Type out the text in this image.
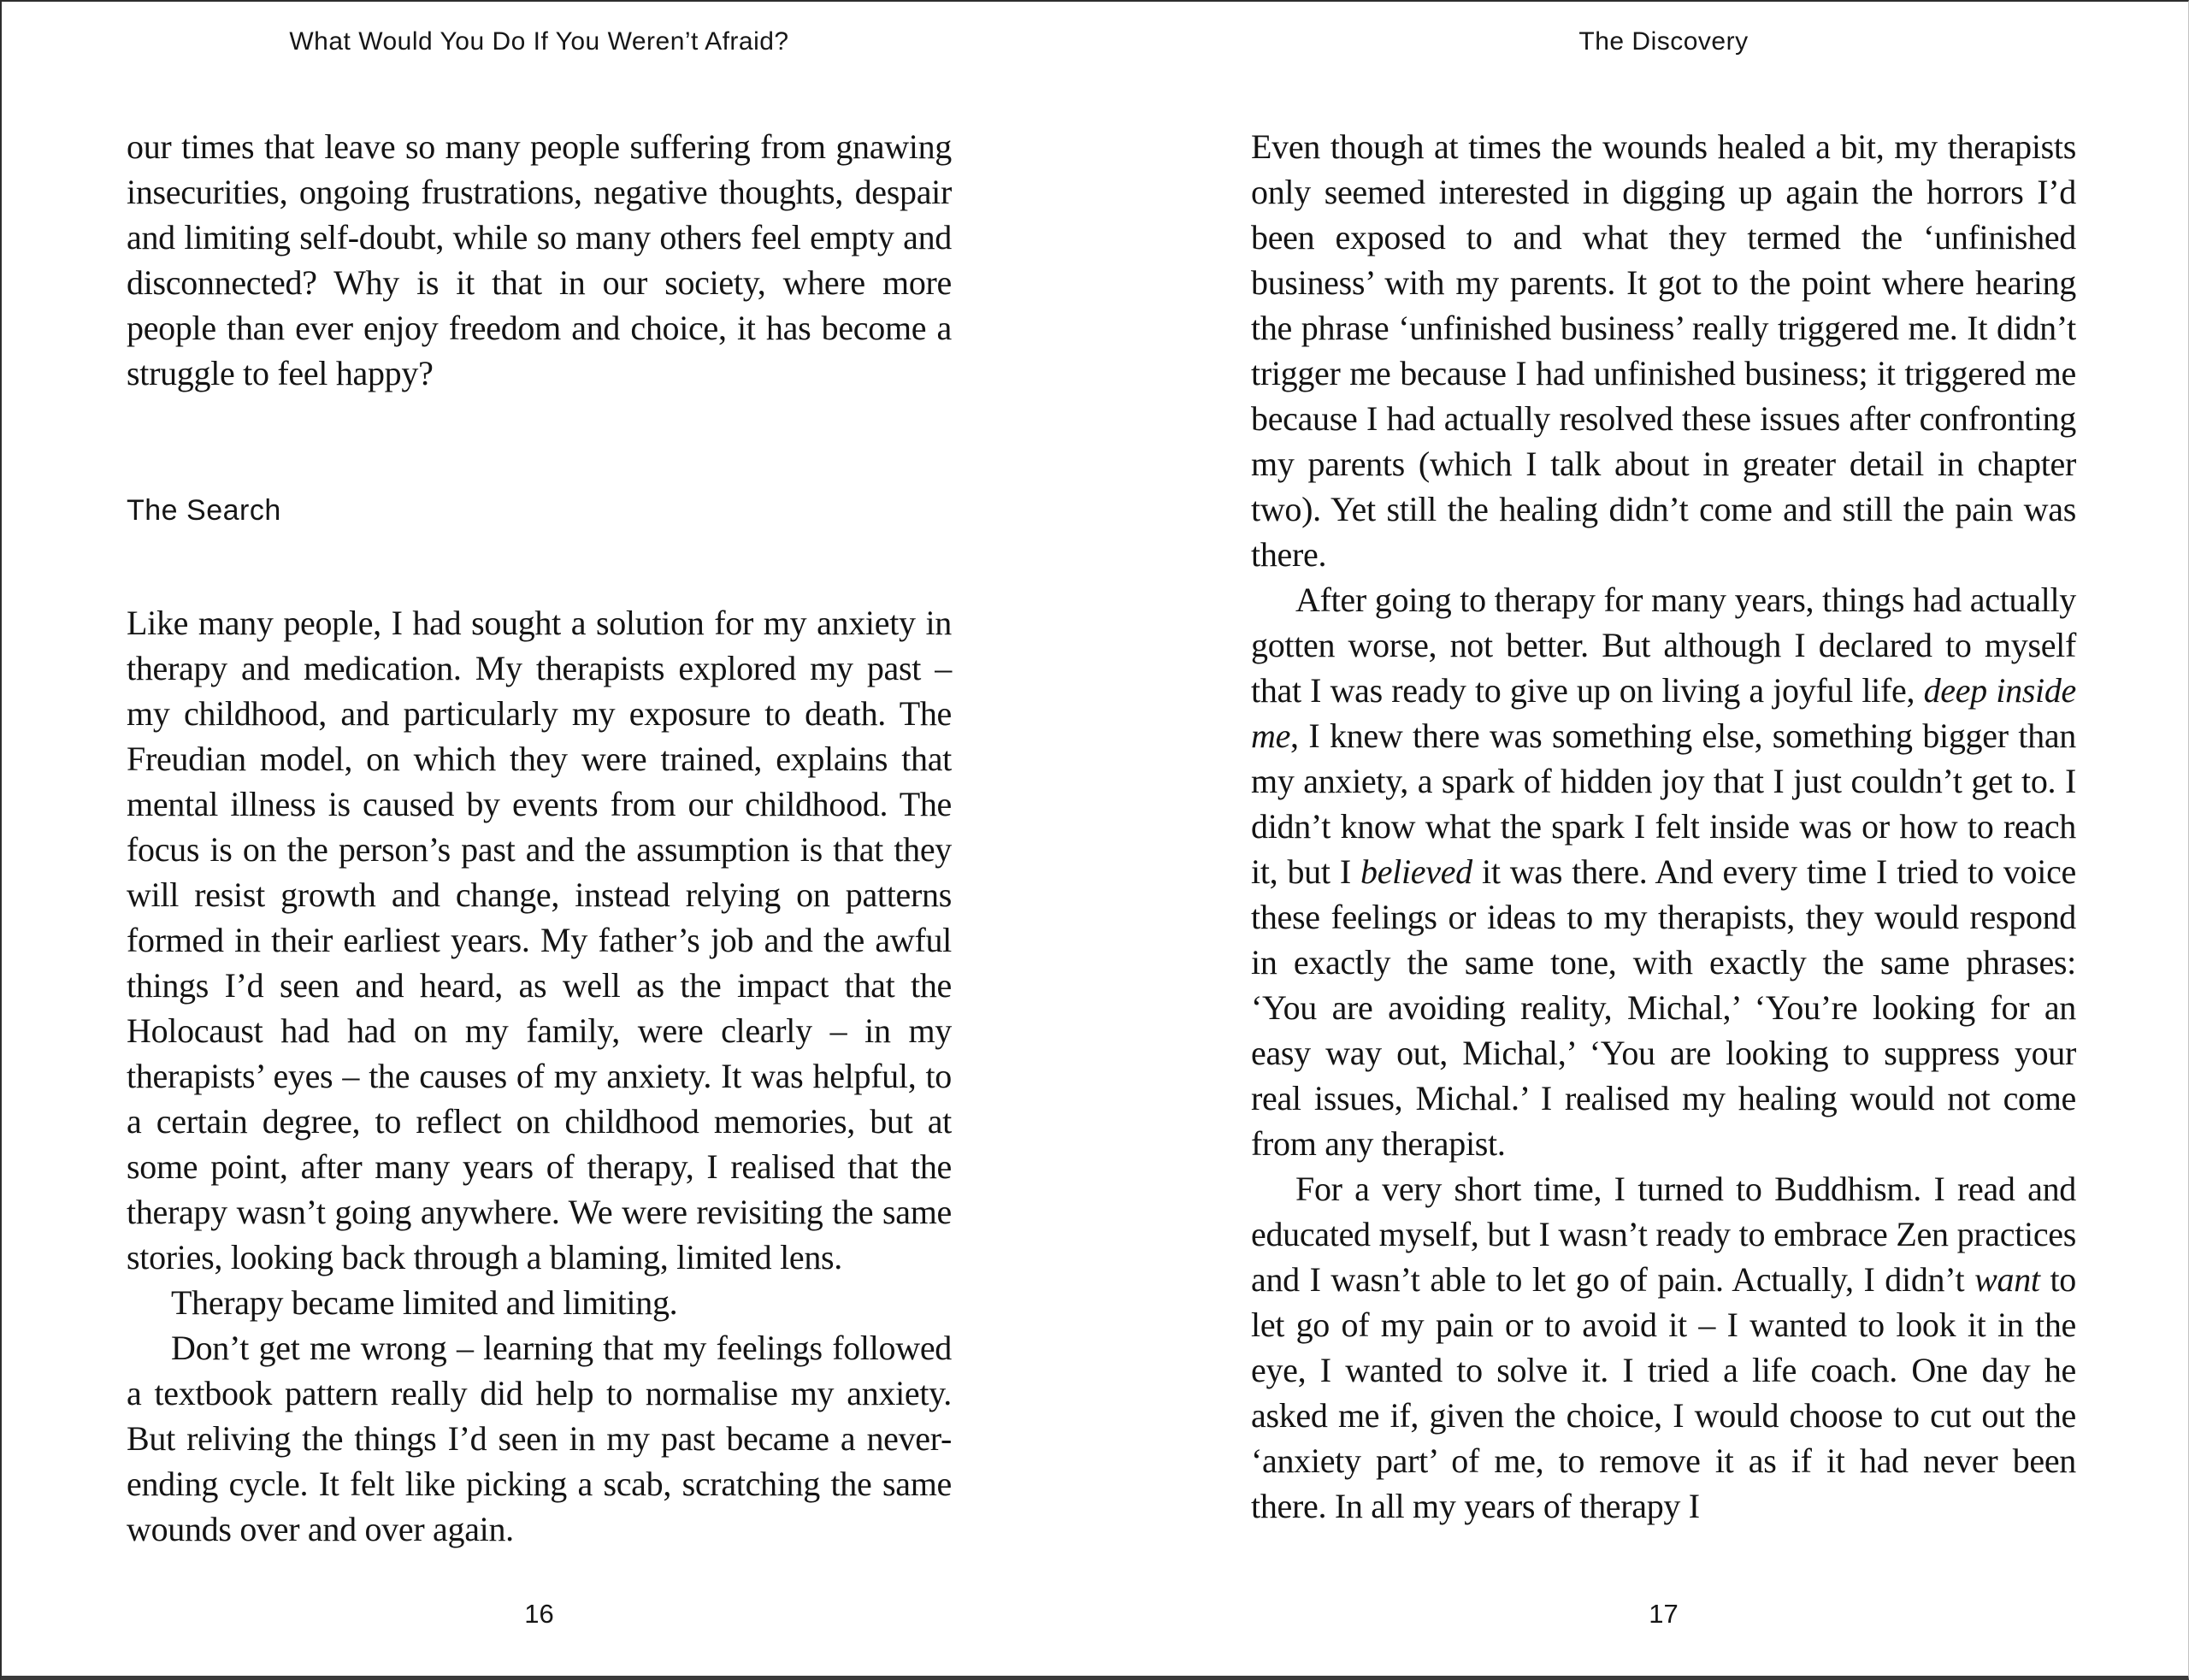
What Would You Do If You Weren’t Afraid?

our times that leave so many people suffering from gnawing insecurities, ongoing frustrations, negative thoughts, despair and limiting self-doubt, while so many others feel empty and disconnected? Why is it that in our society, where more people than ever enjoy freedom and choice, it has become a struggle to feel happy?

The Search

Like many people, I had sought a solution for my anxiety in therapy and medication. My therapists explored my past – my childhood, and particularly my exposure to death. The Freudian model, on which they were trained, explains that mental illness is caused by events from our childhood. The focus is on the person’s past and the assumption is that they will resist growth and change, instead relying on patterns formed in their earliest years. My father’s job and the awful things I’d seen and heard, as well as the impact that the Holocaust had had on my family, were clearly – in my therapists’ eyes – the causes of my anxiety. It was helpful, to a certain degree, to reflect on childhood memories, but at some point, after many years of therapy, I realised that the therapy wasn’t going anywhere. We were revisiting the same stories, looking back through a blaming, limited lens.

Therapy became limited and limiting.

Don’t get me wrong – learning that my feelings followed a textbook pattern really did help to normalise my anxiety. But reliving the things I’d seen in my past became a never-ending cycle. It felt like picking a scab, scratching the same wounds over and over again.

16
The Discovery

Even though at times the wounds healed a bit, my therapists only seemed interested in digging up again the horrors I’d been exposed to and what they termed the ‘unfinished business’ with my parents. It got to the point where hearing the phrase ‘unfinished business’ really triggered me. It didn’t trigger me because I had unfinished business; it triggered me because I had actually resolved these issues after confronting my parents (which I talk about in greater detail in chapter two). Yet still the healing didn’t come and still the pain was there.

After going to therapy for many years, things had actually gotten worse, not better. But although I declared to myself that I was ready to give up on living a joyful life, deep inside me, I knew there was something else, something bigger than my anxiety, a spark of hidden joy that I just couldn’t get to. I didn’t know what the spark I felt inside was or how to reach it, but I believed it was there. And every time I tried to voice these feelings or ideas to my therapists, they would respond in exactly the same tone, with exactly the same phrases: ‘You are avoiding reality, Michal,’ ‘You’re looking for an easy way out, Michal,’ ‘You are looking to suppress your real issues, Michal.’ I realised my healing would not come from any therapist.

For a very short time, I turned to Buddhism. I read and educated myself, but I wasn’t ready to embrace Zen practices and I wasn’t able to let go of pain. Actually, I didn’t want to let go of my pain or to avoid it – I wanted to look it in the eye, I wanted to solve it. I tried a life coach. One day he asked me if, given the choice, I would choose to cut out the ‘anxiety part’ of me, to remove it as if it had never been there. In all my years of therapy I

17
